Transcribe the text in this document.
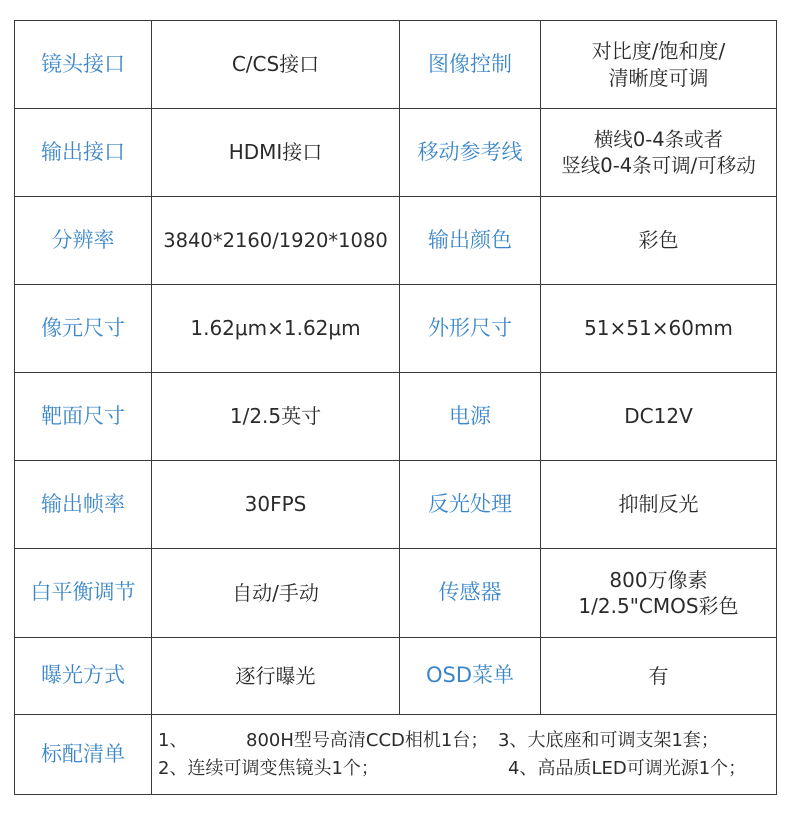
镜头接口	C/CS接口	图像控制	对比度/饱和度/
清晰度可调

输出接口	HDMI接口	移动参考线	横线0-4条或者
竖线0-4条可调/可移动

分辨率	3840*2160/1920*1080	输出颜色	彩色

像元尺寸	1.62μm×1.62μm	外形尺寸	51×51×60mm

靶面尺寸	1/2.5英寸	电源	DC12V

输出帧率	30FPS	反光处理	抑制反光

白平衡调节	自动/手动	传感器	800万像素
1/2.5"CMOS彩色

曝光方式	逐行曝光	OSD菜单	有

标配清单	1、 800H型号高清CCD相机1台； 3、大底座和可调支架1套；
2、连续可调变焦镜头1个； 4、高品质LED可调光源1个；		
